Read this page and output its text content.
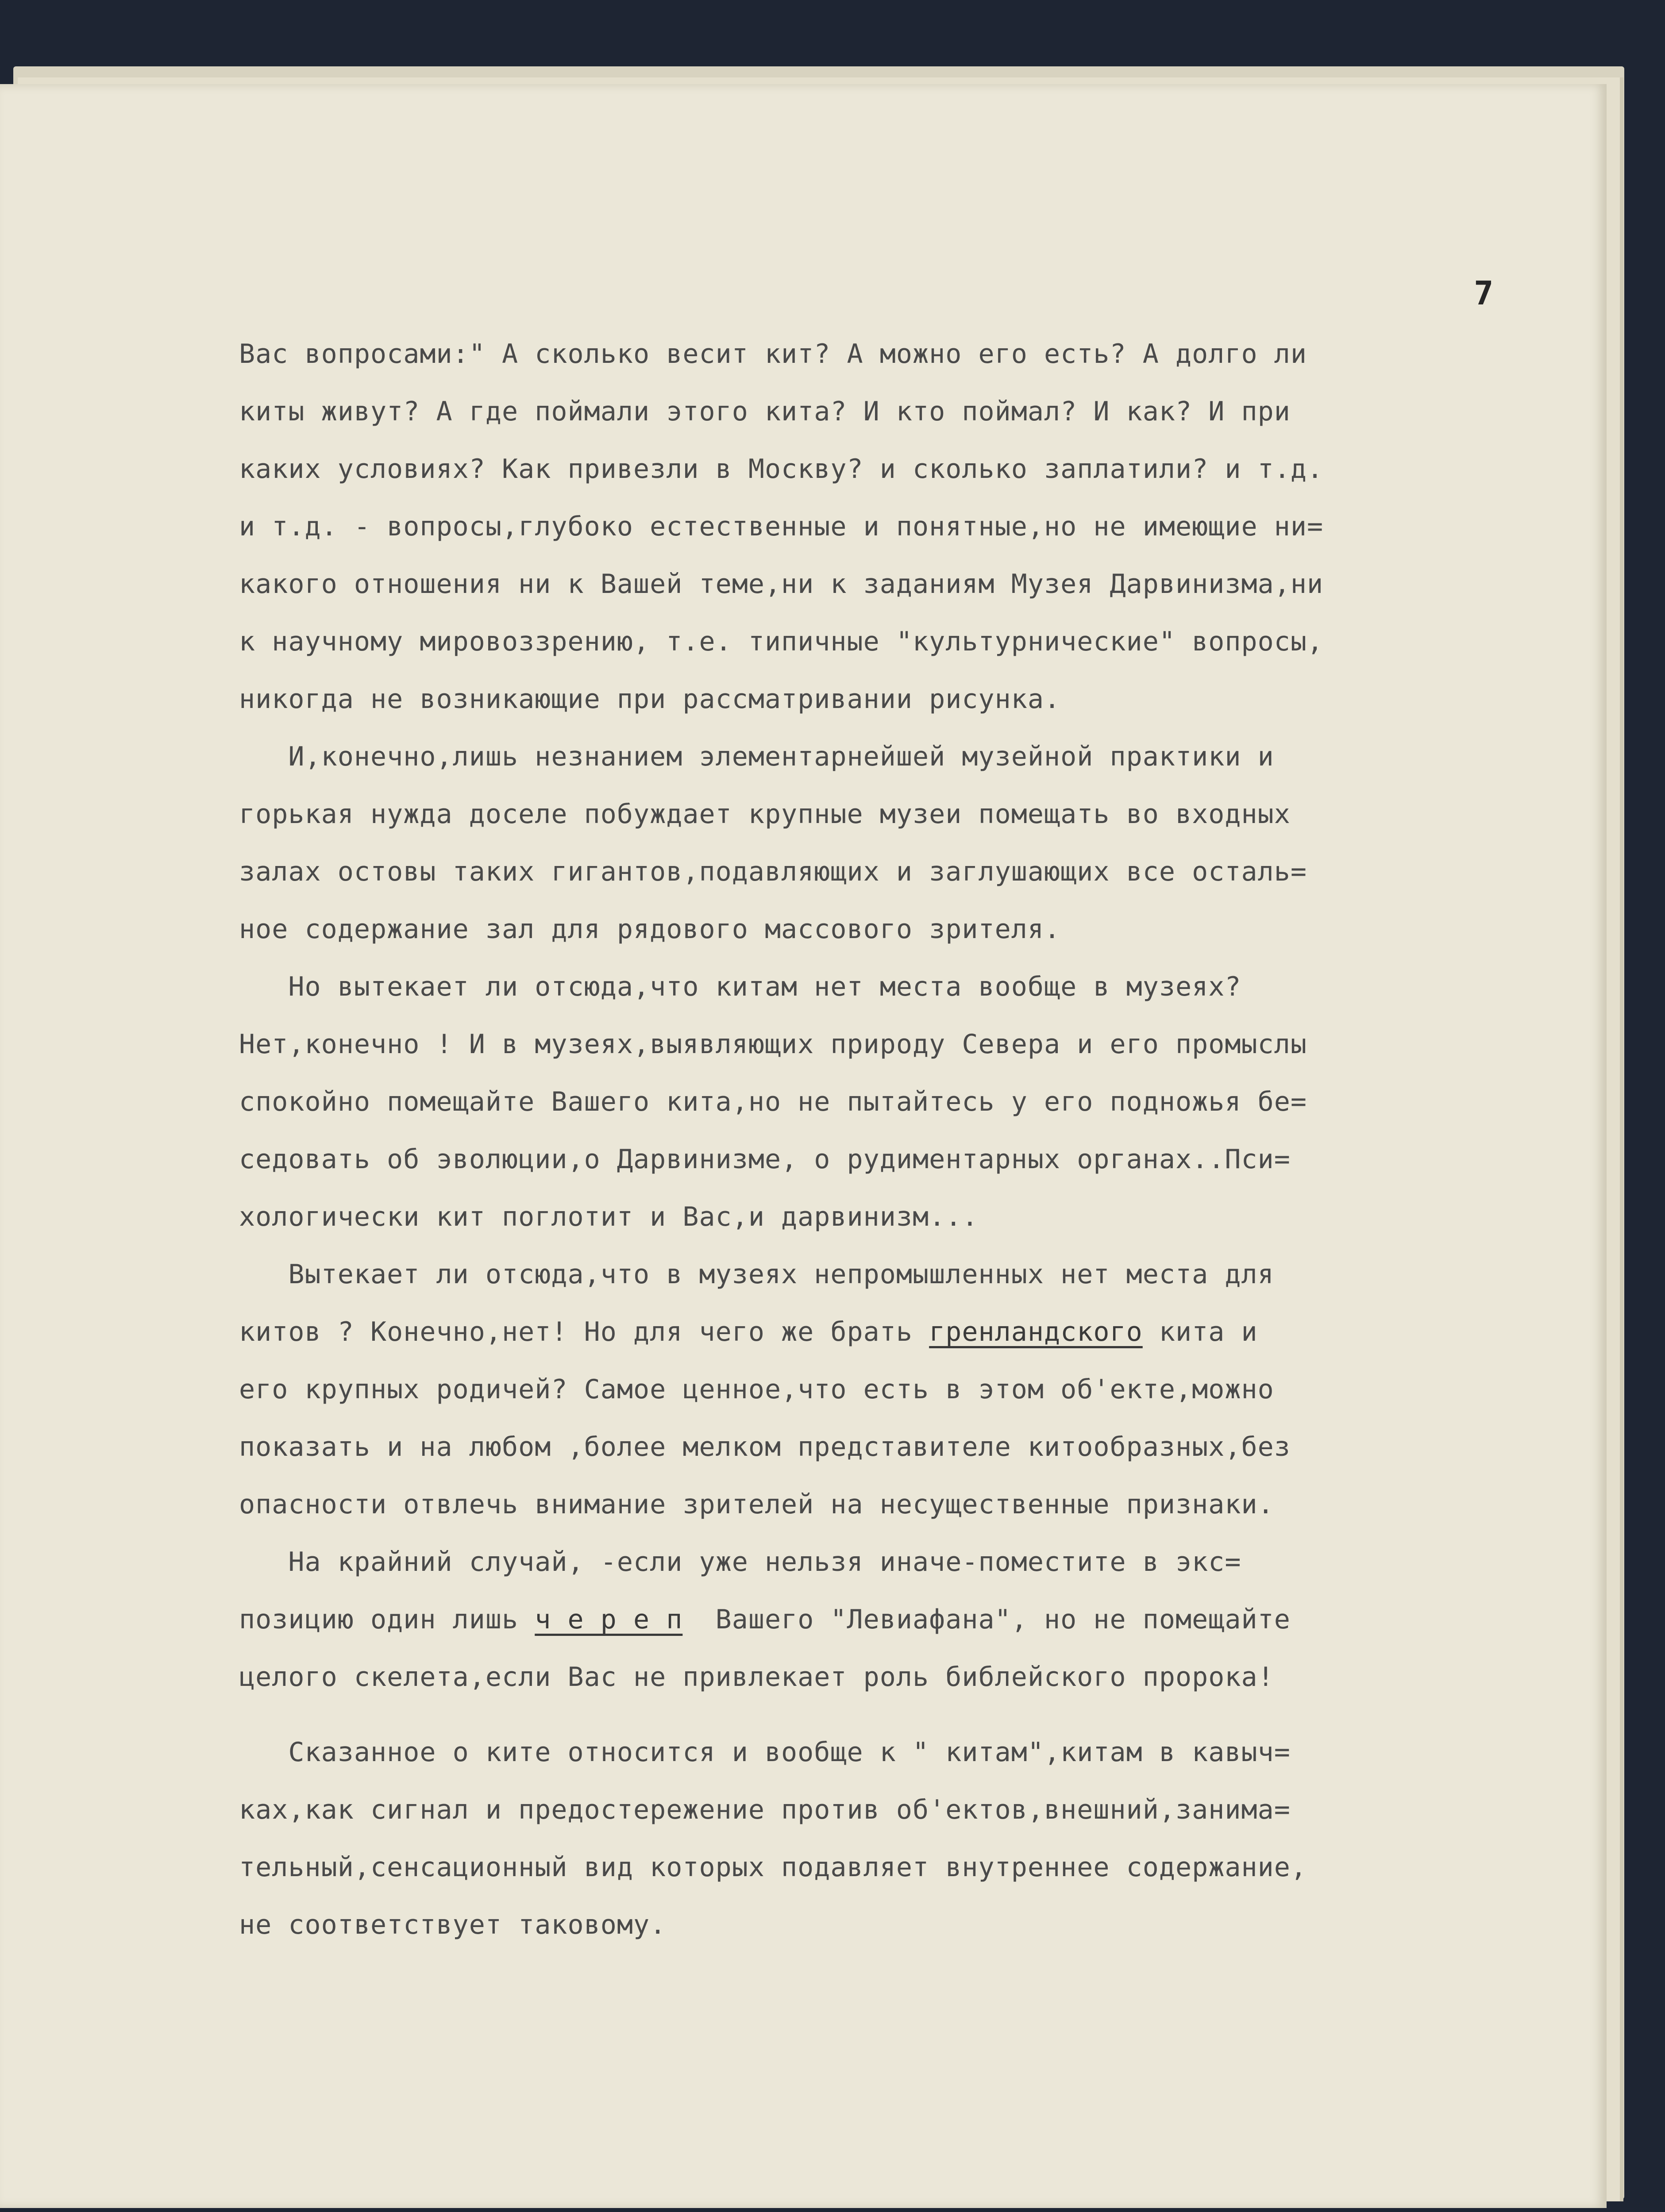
7
Вас вопросами:" А сколько весит кит? А можно его есть? А долго ли
киты живут? А где поймали этого кита? И кто поймал? И как? И при
каких условиях? Как привезли в Москву? и сколько заплатили? и т.д.
и т.д. - вопросы,глубоко естественные и понятные,но не имеющие ни=
какого отношения ни к Вашей теме,ни к заданиям Музея Дарвинизма,ни
к научному мировоззрению, т.е. типичные "культурнические" вопросы,
никогда не возникающие при рассматривании рисунка.
И,конечно,лишь незнанием элементарнейшей музейной практики и
горькая нужда доселе побуждает крупные музеи помещать во входных
залах остовы таких гигантов,подавляющих и заглушающих все осталь=
ное содержание зал для рядового массового зрителя.
Но вытекает ли отсюда,что китам нет места вообще в музеях?
Нет,конечно ! И в музеях,выявляющих природу Севера и его промыслы
спокойно помещайте Вашего кита,но не пытайтесь у его подножья бе=
седовать об эволюции,о Дарвинизме, о рудиментарных органах..Пси=
хологически кит поглотит и Вас,и дарвинизм...
Вытекает ли отсюда,что в музеях непромышленных нет места для
китов ? Конечно,нет! Но для чего же брать гренландского кита и
его крупных родичей? Самое ценное,что есть в этом об'екте,можно
показать и на любом ,более мелком представителе китообразных,без
опасности отвлечь внимание зрителей на несущественные признаки.
На крайний случай, -если уже нельзя иначе-поместите в экс=
позицию один лишь ч е р е п  Вашего "Левиафана", но не помещайте
целого скелета,если Вас не привлекает роль библейского пророка!
Сказанное о ките относится и вообще к " китам",китам в кавыч=
ках,как сигнал и предостережение против об'ектов,внешний,занима=
тельный,сенсационный вид которых подавляет внутреннее содержание,
не соответствует таковому.
